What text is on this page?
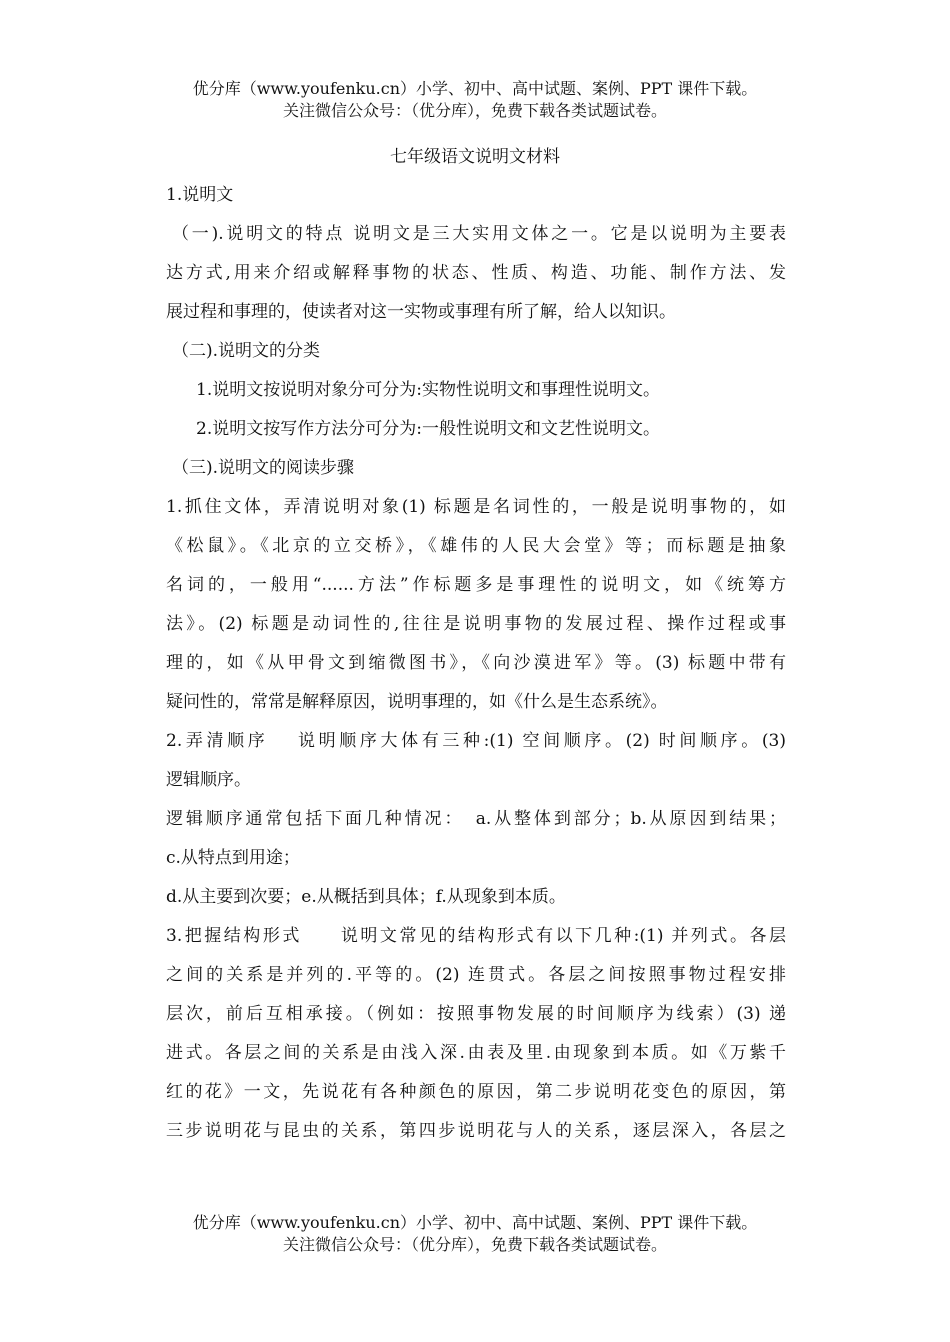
优分库（www.youfenku.cn）小学、初中、高中试题、案例、PPT 课件下载。
关注微信公众号：（优分库），免费下载各类试题试卷。
七年级语文说明文材料
1.说明文
（一).说明文的特点 说明文是三大实用文体之一。它是以说明为主要表
达方式,用来介绍或解释事物的状态、性质、构造、功能、制作方法、发
展过程和事理的，使读者对这一实物或事理有所了解，给人以知识。
（二).说明文的分类
1.说明文按说明对象分可分为:实物性说明文和事理性说明文。
2.说明文按写作方法分可分为:一般性说明文和文艺性说明文。
（三).说明文的阅读步骤
1.抓住文体，弄清说明对象(1) 标题是名词性的，一般是说明事物的，如
《松鼠》。《北京的立交桥》，《雄伟的人民大会堂》等；而标题是抽象
名词的，一般用“......方法”作标题多是事理性的说明文，如《统筹方
法》。(2) 标题是动词性的,往往是说明事物的发展过程、操作过程或事
理的，如《从甲骨文到缩微图书》，《向沙漠进军》等。(3) 标题中带有
疑问性的，常常是解释原因，说明事理的，如《什么是生态系统》。
2.弄清顺序　 说明顺序大体有三种:(1) 空间顺序。(2) 时间顺序。(3)
逻辑顺序。
逻辑顺序通常包括下面几种情况：　a.从整体到部分；b.从原因到结果；
c.从特点到用途；
d.从主要到次要；e.从概括到具体；f.从现象到本质。
3.把握结构形式　　说明文常见的结构形式有以下几种:(1) 并列式。各层
之间的关系是并列的.平等的。(2) 连贯式。各层之间按照事物过程安排
层次，前后互相承接。（例如：按照事物发展的时间顺序为线索）(3) 递
进式。各层之间的关系是由浅入深.由表及里.由现象到本质。如《万紫千
红的花》一文，先说花有各种颜色的原因，第二步说明花变色的原因，第
三步说明花与昆虫的关系，第四步说明花与人的关系，逐层深入，各层之
优分库（www.youfenku.cn）小学、初中、高中试题、案例、PPT 课件下载。
关注微信公众号：（优分库），免费下载各类试题试卷。
